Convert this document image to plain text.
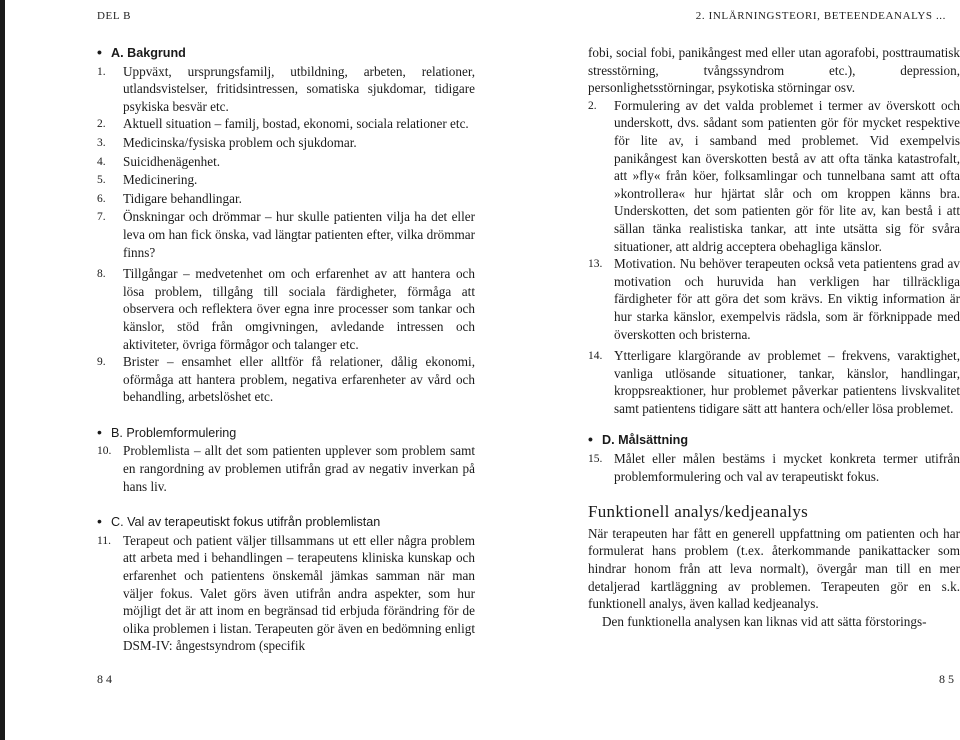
DEL B	2. INLÄRNINGSTEORI, BETEENDEANALYS ...
• A. Bakgrund
1.	Uppväxt, ursprungsfamilj, utbildning, arbeten, relationer, utlandsvistelser, fritidsintressen, somatiska sjukdomar, tidigare psykiska besvär etc.
2.	Aktuell situation – familj, bostad, ekonomi, sociala relationer etc.
3.	Medicinska/fysiska problem och sjukdomar.
4.	Suicidhenägenhet.
5.	Medicinering.
6.	Tidigare behandlingar.
7.	Önskningar och drömmar – hur skulle patienten vilja ha det eller leva om han fick önska, vad längtar patienten efter, vilka drömmar finns?
8.	Tillgångar – medvetenhet om och erfarenhet av att hantera och lösa problem, tillgång till sociala färdigheter, förmåga att observera och reflektera över egna inre processer som tankar och känslor, stöd från omgivningen, avledande intressen och aktiviteter, övriga förmågor och talanger etc.
9.	Brister – ensamhet eller alltför få relationer, dålig ekonomi, oförmåga att hantera problem, negativa erfarenheter av vård och behandling, arbetslöshet etc.
• B. Problemformulering
10. Problemlista – allt det som patienten upplever som problem samt en rangordning av problemen utifrån grad av negativ inverkan på hans liv.
• C. Val av terapeutiskt fokus utifrån problemlistan
11. Terapeut och patient väljer tillsammans ut ett eller några problem att arbeta med i behandlingen – terapeutens kliniska kunskap och erfarenhet och patientens önskemål jämkas samman när man väljer fokus. Valet görs även utifrån andra aspekter, som hur möjligt det är att inom en begränsad tid erbjuda förändring för de olika problemen i listan. Terapeuten gör även en bedömning enligt DSM-IV: ångestsyndrom (specifik
8 4
fobi, social fobi, panikångest med eller utan agorafobi, posttraumatisk stresstörning, tvångssyndrom etc.), depression, personlighetsstörningar, psykotiska störningar osv.
2.	Formulering av det valda problemet i termer av överskott och underskott, dvs. sådant som patienten gör för mycket respektive för lite av, i samband med problemet. Vid exempelvis panikångest kan överskotten bestå av att ofta tänka katastrofalt, att »fly« från köer, folksamlingar och tunnelbana samt att ofta »kontrollera« hur hjärtat slår och om kroppen känns bra. Underskotten, det som patienten gör för lite av, kan bestå i att sällan tänka realistiska tankar, att inte utsätta sig för svåra situationer, att aldrig acceptera obehagliga känslor.
13. Motivation. Nu behöver terapeuten också veta patientens grad av motivation och huruvida han verkligen har tillräckliga färdigheter för att göra det som krävs. En viktig information är hur starka känslor, exempelvis rädsla, som är förknippade med överskotten och bristerna.
14. Ytterligare klargörande av problemet – frekvens, varaktighet, vanliga utlösande situationer, tankar, känslor, handlingar, kroppsreaktioner, hur problemet påverkar patientens livskvalitet samt patientens tidigare sätt att hantera och/eller lösa problemet.
• D. Målsättning
15. Målet eller målen bestäms i mycket konkreta termer utifrån problemformulering och val av terapeutiskt fokus.
Funktionell analys/kedjeanalys
När terapeuten har fått en generell uppfattning om patienten och har formulerat hans problem (t.ex. återkommande panikattacker som hindrar honom från att leva normalt), övergår man till en mer detaljerad kartläggning av problemen. Terapeuten gör en s.k. funktionell analys, även kallad kedjeanalys.
Den funktionella analysen kan liknas vid att sätta förstorings-
8 5
